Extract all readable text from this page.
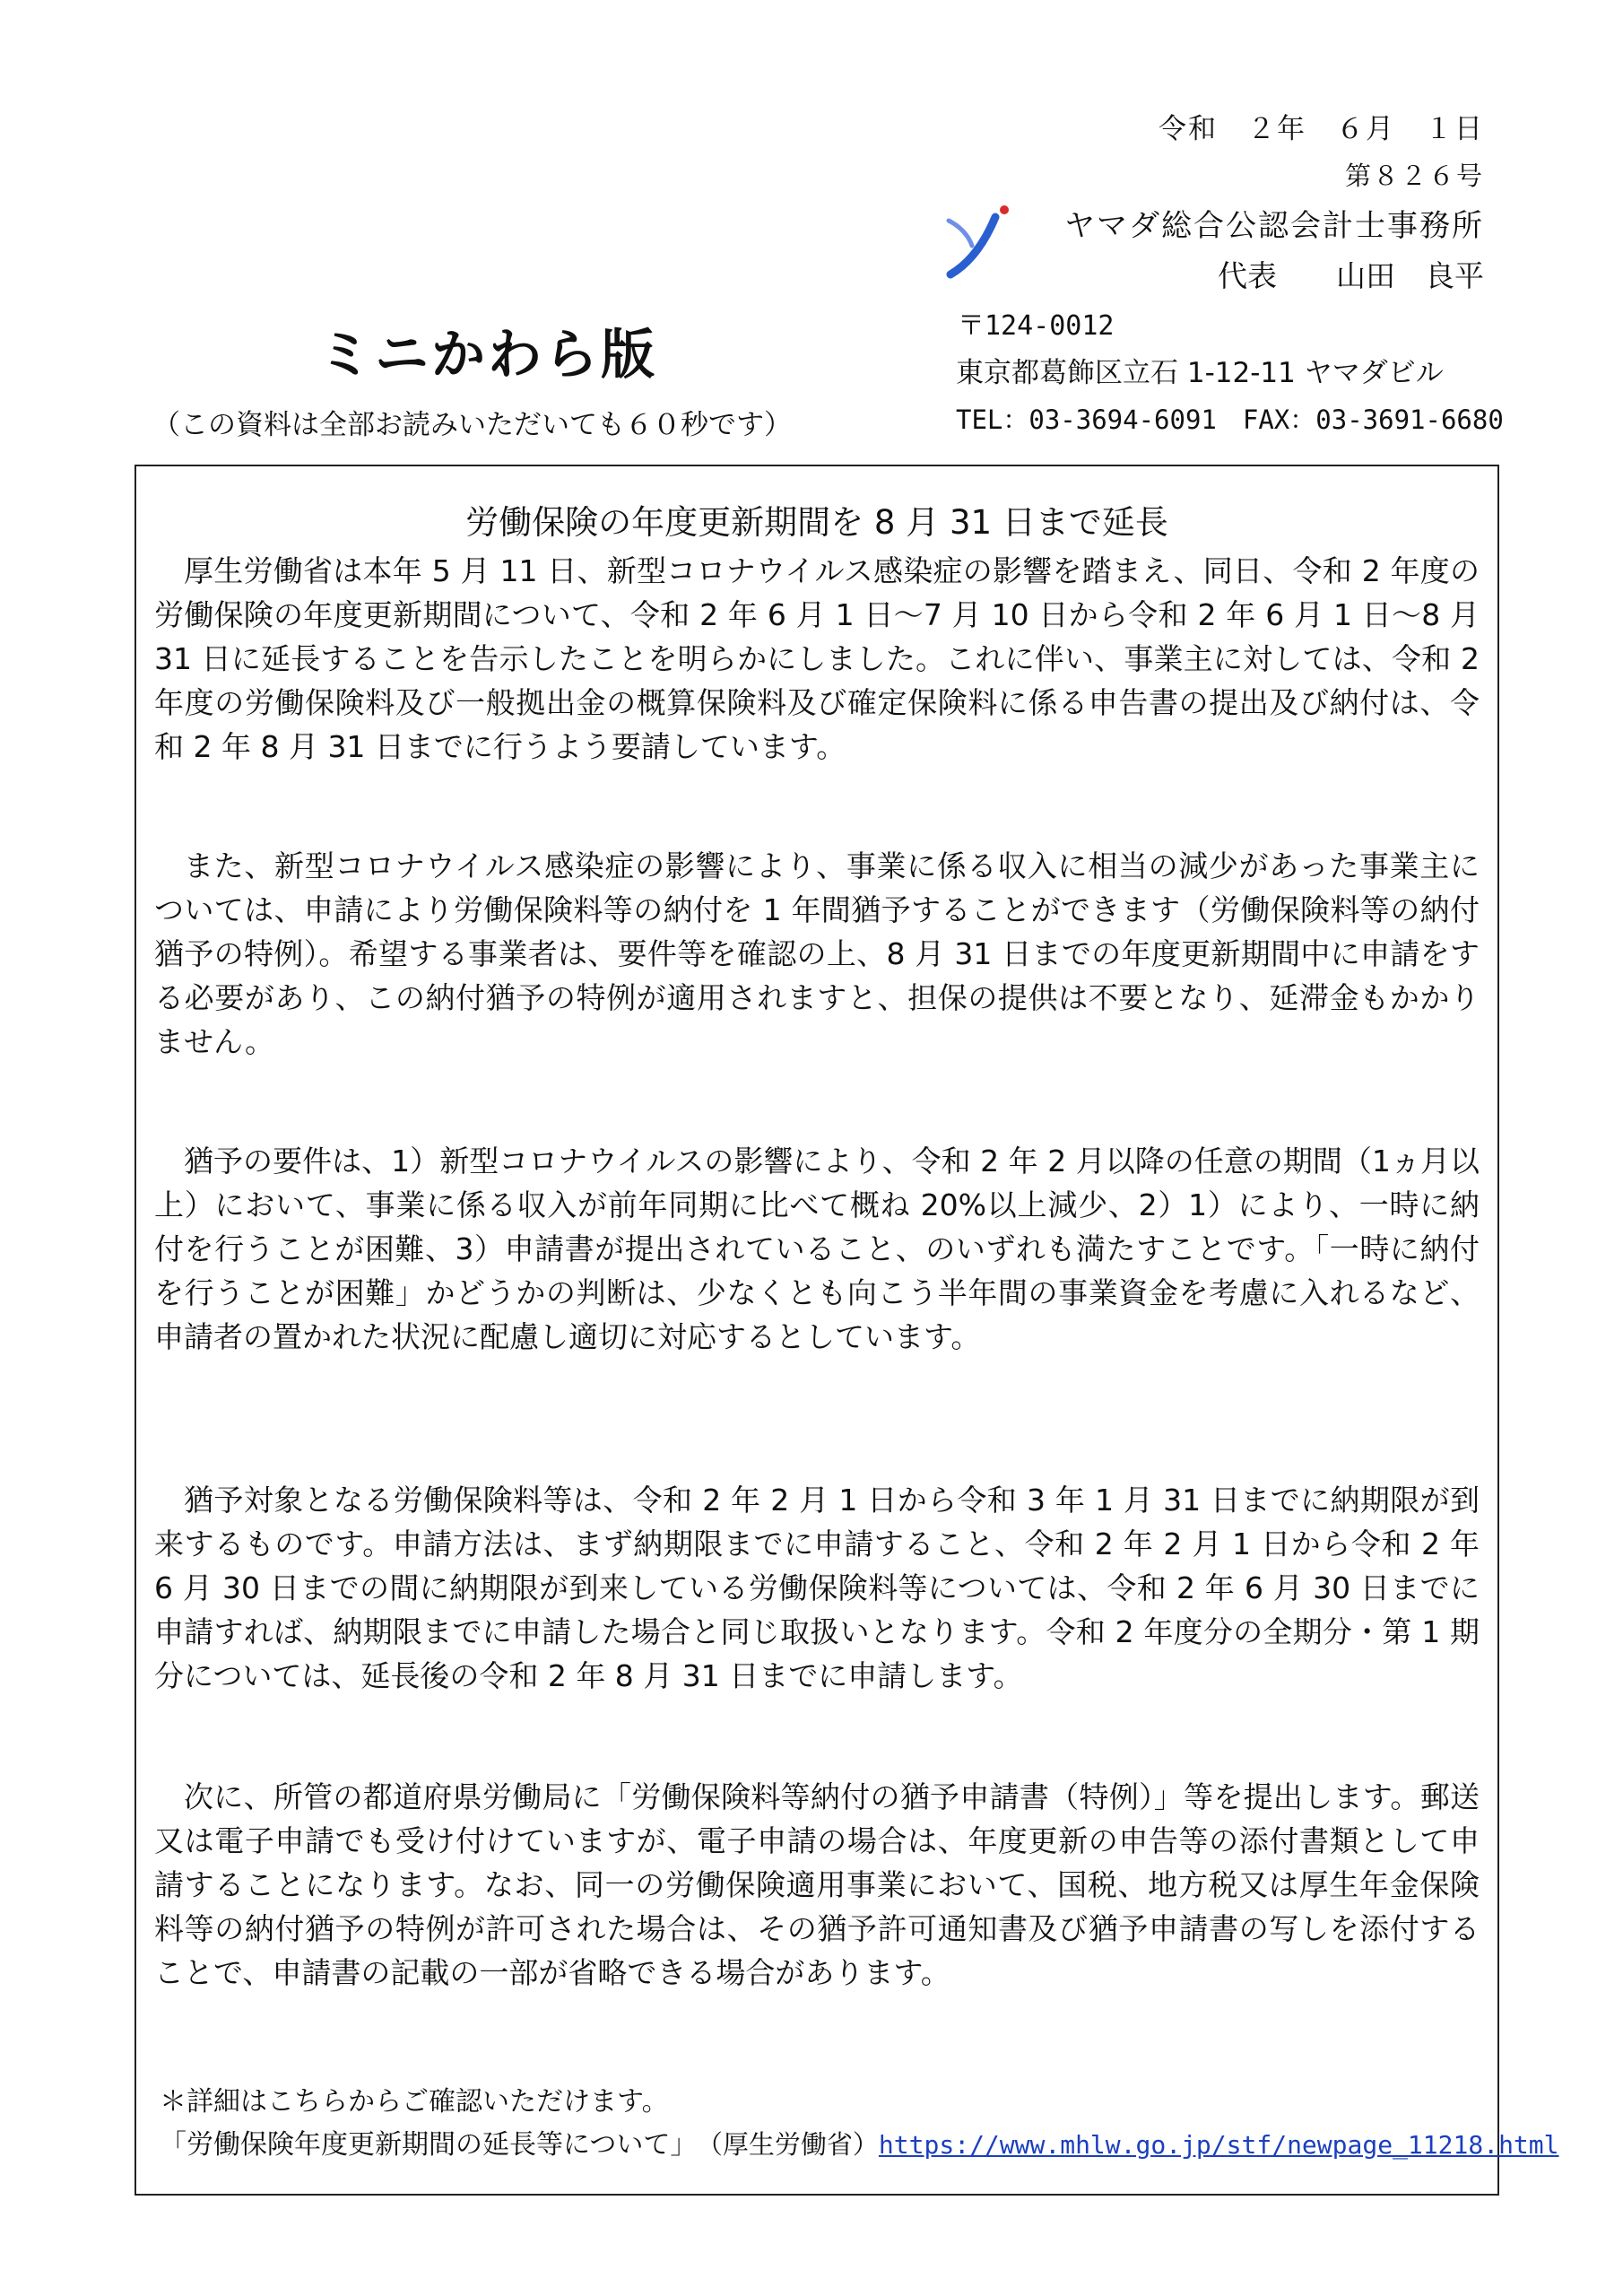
令和　２年　６月　１日
第８２６号
ヤマダ総合公認会計士事務所
代表　　山田　良平
ミニかわら版
（この資料は全部お読みいただいても６０秒です）
〒124-0012
東京都葛飾区立石 1-12-11 ヤマダビル
TEL：03-3694-6091　FAX：03-3691-6680
労働保険の年度更新期間を 8 月 31 日まで延長

厚生労働省は本年 5 月 11 日、新型コロナウイルス感染症の影響を踏まえ、同日、令和 2 年度の労働保険の年度更新期間について、令和 2 年 6 月 1 日～7 月 10 日から令和 2 年 6 月 1 日～8 月 31 日に延長することを告示したことを明らかにしました。これに伴い、事業主に対しては、令和 2 年度の労働保険料及び一般拠出金の概算保険料及び確定保険料に係る申告書の提出及び納付は、令和 2 年 8 月 31 日までに行うよう要請しています。

また、新型コロナウイルス感染症の影響により、事業に係る収入に相当の減少があった事業主については、申請により労働保険料等の納付を 1 年間猶予することができます（労働保険料等の納付猶予の特例）。希望する事業者は、要件等を確認の上、8 月 31 日までの年度更新期間中に申請をする必要があり、この納付猶予の特例が適用されますと、担保の提供は不要となり、延滞金もかかりません。

猶予の要件は、1）新型コロナウイルスの影響により、令和 2 年 2 月以降の任意の期間（1ヵ月以上）において、事業に係る収入が前年同期に比べて概ね 20%以上減少、2）1）により、一時に納付を行うことが困難、3）申請書が提出されていること、のいずれも満たすことです。「一時に納付を行うことが困難」かどうかの判断は、少なくとも向こう半年間の事業資金を考慮に入れるなど、申請者の置かれた状況に配慮し適切に対応するとしています。

猶予対象となる労働保険料等は、令和 2 年 2 月 1 日から令和 3 年 1 月 31 日までに納期限が到来するものです。申請方法は、まず納期限までに申請すること、令和 2 年 2 月 1 日から令和 2 年 6 月 30 日までの間に納期限が到来している労働保険料等については、令和 2 年 6 月 30 日までに申請すれば、納期限までに申請した場合と同じ取扱いとなります。令和 2 年度分の全期分・第 1 期分については、延長後の令和 2 年 8 月 31 日までに申請します。

次に、所管の都道府県労働局に「労働保険料等納付の猶予申請書（特例）」等を提出します。郵送又は電子申請でも受け付けていますが、電子申請の場合は、年度更新の申告等の添付書類として申請することになります。なお、同一の労働保険適用事業において、国税、地方税又は厚生年金保険料等の納付猶予の特例が許可された場合は、その猶予許可通知書及び猶予申請書の写しを添付することで、申請書の記載の一部が省略できる場合があります。

＊詳細はこちらからご確認いただけます。
「労働保険年度更新期間の延長等について」 （厚生労働省）https://www.mhlw.go.jp/stf/newpage_11218.html
